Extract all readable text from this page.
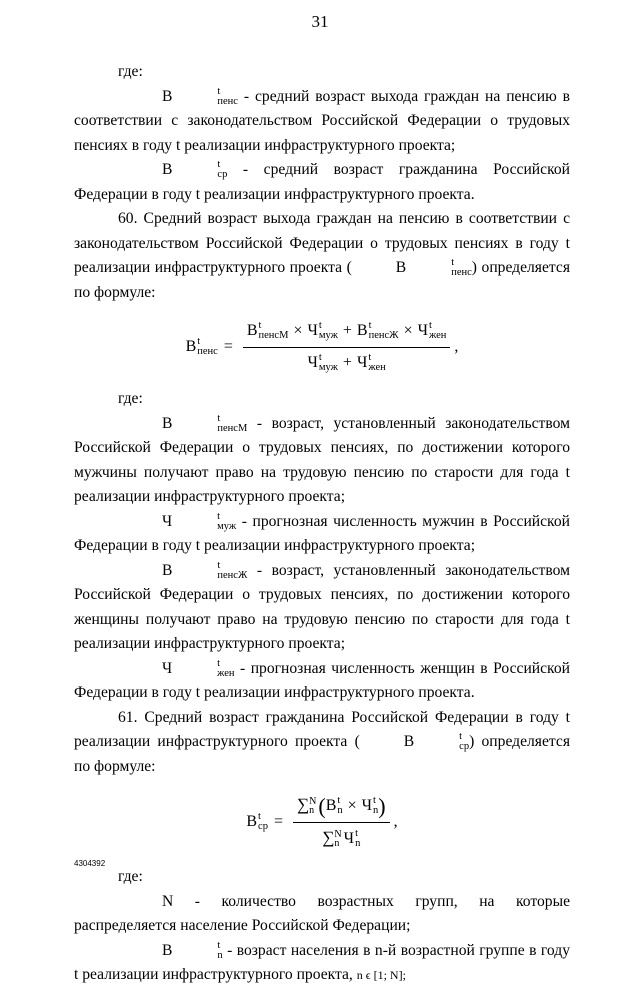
31
где:
B	t
пенс - средний возраст выхода граждан на пенсию в соответствии с законодательством Российской Федерации о трудовых пенсиях в году t реализации инфраструктурного проекта;
B	t
ср - средний возраст гражданина Российской Федерации в году t реализации инфраструктурного проекта.
60. Средний возраст выхода граждан на пенсию в соответствии с законодательством Российской Федерации о трудовых пенсиях в году t реализации инфраструктурного проекта (	B	t
пенс ) определяется по формуле:
B t
пенс = B t
пенсМ × Ч t
муж + B t
пенсЖ × Ч t
жен
Ч t
муж + Ч t
жен ,
где:
B	t
пенсМ - возраст, установленный законодательством Российской Федерации о трудовых пенсиях, по достижении которого мужчины получают право на трудовую пенсию по старости для года t реализации инфраструктурного проекта;
Ч	t
муж - прогнозная численность мужчин в Российской Федерации в году t реализации инфраструктурного проекта;
B	t
пенсЖ - возраст, установленный законодательством Российской Федерации о трудовых пенсиях, по достижении которого женщины получают право на трудовую пенсию по старости для года t реализации инфраструктурного проекта;
Ч	t
жен - прогнозная численность женщин в Российской Федерации в году t реализации инфраструктурного проекта.
61. Средний возраст гражданина Российской Федерации в году t реализации инфраструктурного проекта (	B	t
ср ) определяется по формуле:
B t
ср = ∑ N
n (B t
n × Ч t
n )
∑ N
n Ч t
n ,
где:
N - количество возрастных групп, на которые распределяется население Российской Федерации;
B	t
n - возраст населения в n-й возрастной группе в году t реализации инфраструктурного проекта, n ϵ [1; N];
4304392
